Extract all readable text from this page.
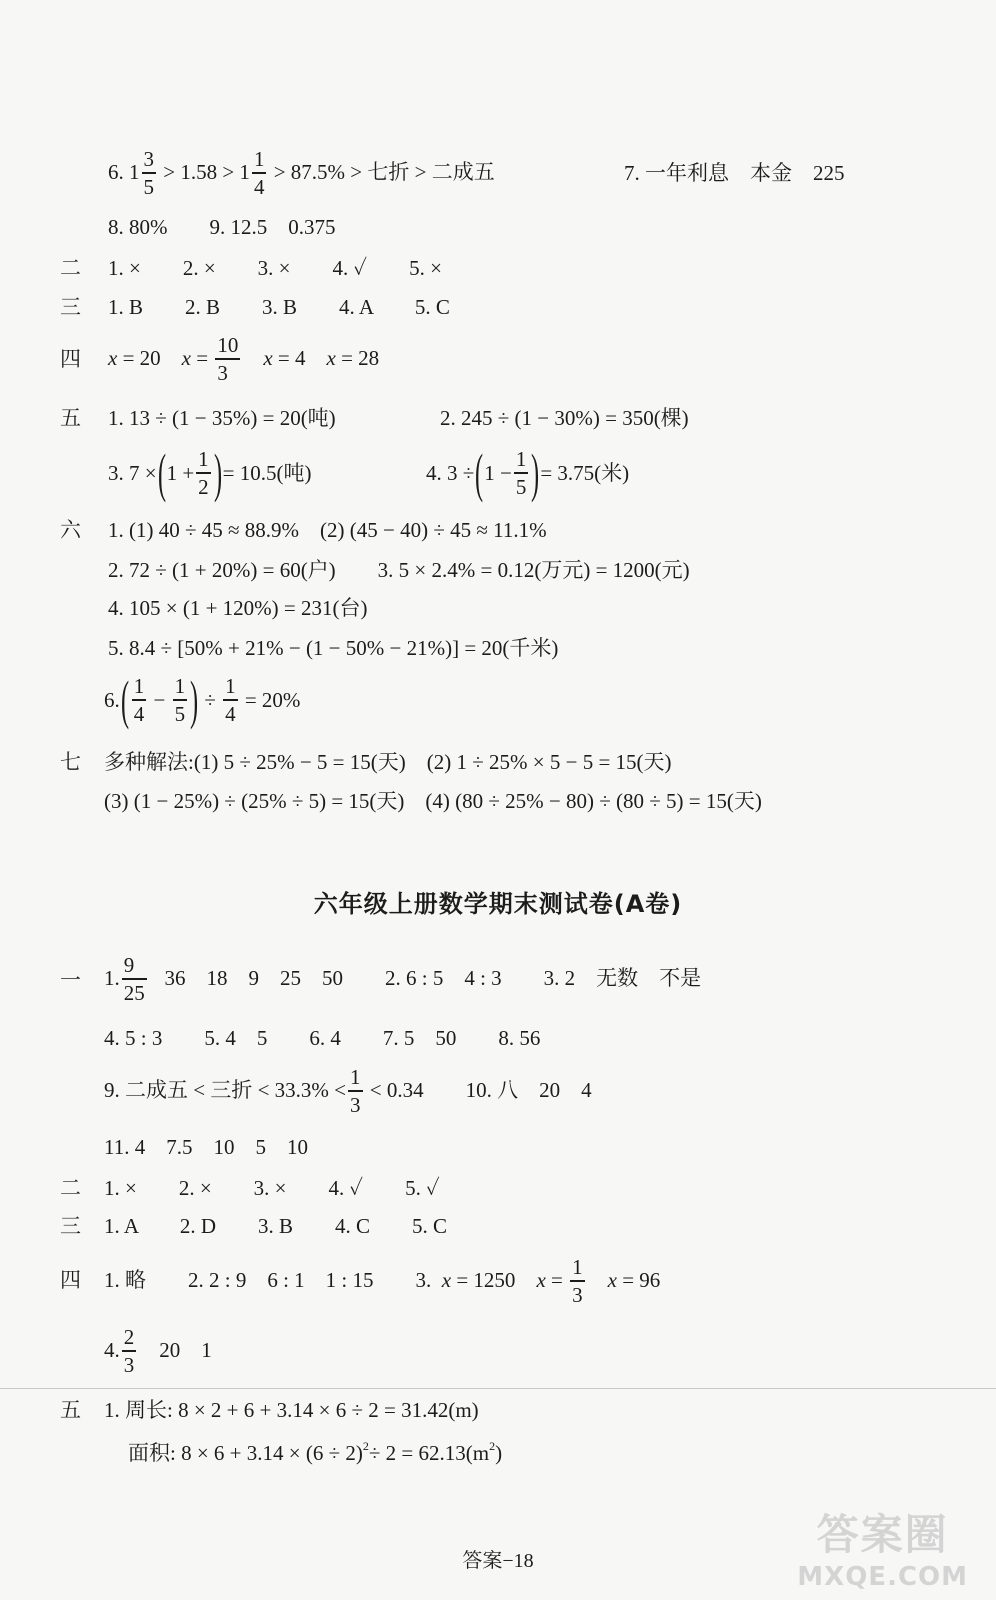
6. $1 \frac{3}{5} > 1.58 > 1 \frac{1}{4} > 87.5\%$ > 七折 > 二成五	7. 一年利息　本金　225
8. 80%　　9. 12.5　0.375
二 1. ×　　2. ×　　3. ×　　4. ✓　　5. ×
三 1. B　　2. B　　3. B　　4. A　　5. C
四 x = 20 $x = \frac{10}{3}$ x = 4 x = 28
五 1. 13 ÷ (1 − 35%) = 20(吨)	2. 245 ÷ (1 − 30%) = 350(棵)
3. $7 \times(1 + \frac{1}{2}$ )= 10.5(吨)	4. $3 \div(1 - \frac{1}{5}$ )= 3.75(米)
六 1. (1) 40 ÷ 45 ≈ 88.9%　(2) (45 − 40) ÷ 45 ≈ 11.1%
2. 72 ÷ (1 + 20%) = 60(户)　　3. 5 × 2.4% = 0.12(万元) = 1200(元)
4. 105 × (1 + 120%) = 231(台)
5. 8.4 ÷ [50% + 21% − (1 − 50% − 21%)] = 20(千米)
$6.( \frac{1}{4} - \frac{1}{5}$ ) ÷ $\frac{1}{4} = 20\%$
七 多种解法:(1) 5 ÷ 25% − 5 = 15(天)　(2) 1 ÷ 25% × 5 − 5 = 15(天)
(3) (1 − 25%) ÷ (25% ÷ 5) = 15(天)　(4) (80 ÷ 25% − 80) ÷ (80 ÷ 5) = 15(天)
六年级上册数学期末测试卷(A卷)
一 1. $\frac{9}{25} 36$　18　9　25　50　　2. 6 : 5　4 : 3　　3. 2　无数　不是
4. 5 : 3　　5. 4　5　　6. 4　　7. 5　50　　8. 56
9. 二成五 < 三折 < $33.3\% < \frac{1}{3} < 0.34$　　10. 八　20　4
11. 4　7.5　10　5　10
二 1. ×　　2. ×　　3. ×　　4. ✓　　5. ✓
三 1. A　　2. D　　3. B　　4. C　　5. C
四 1. 略　　2. 2 : 9　6 : 1　1 : 15　　3. x = 1250 $x = \frac{1}{3}$ x = 96
4. $\frac{2}{3} 20$　1
五 1. 周长: 8 × 2 + 6 + 3.14 × 6 ÷ 2 = 31.42(m)
面积: $8 \times 6 + 3.14 \times (6 \div 2)^2\div 2 = 62.13(m^2)$
答案−18
答案圈
MXQE.COM
